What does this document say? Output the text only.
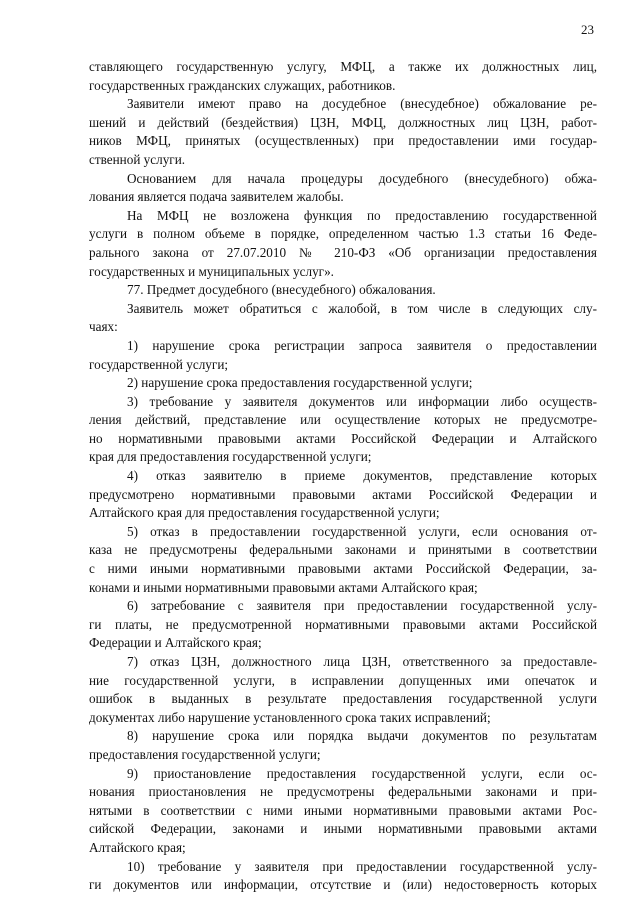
23

ставляющего государственную услугу, МФЦ, а также их должностных лиц,
государственных гражданских служащих, работников.

Заявители имеют право на досудебное (внесудебное) обжалование ре-
шений и действий (бездействия) ЦЗН, МФЦ, должностных лиц ЦЗН, работ-
ников МФЦ, принятых (осуществленных) при предоставлении ими государ-
ственной услуги.

Основанием для начала процедуры досудебного (внесудебного) обжа-
лования является подача заявителем жалобы.

На МФЦ не возложена функция по предоставлению государственной
услуги в полном объеме в порядке, определенном частью 1.3 статьи 16 Феде-
рального закона от 27.07.2010 № 210-ФЗ «Об организации предоставления
государственных и муниципальных услуг».

77. Предмет досудебного (внесудебного) обжалования.

Заявитель может обратиться с жалобой, в том числе в следующих слу-
чаях:

1) нарушение срока регистрации запроса заявителя о предоставлении
государственной услуги;

2) нарушение срока предоставления государственной услуги;

3) требование у заявителя документов или информации либо осуществ-
ления действий, представление или осуществление которых не предусмотре-
но нормативными правовыми актами Российской Федерации и Алтайского
края для предоставления государственной услуги;

4) отказ заявителю в приеме документов, представление которых
предусмотрено нормативными правовыми актами Российской Федерации и
Алтайского края для предоставления государственной услуги;

5) отказ в предоставлении государственной услуги, если основания от-
каза не предусмотрены федеральными законами и принятыми в соответствии
с ними иными нормативными правовыми актами Российской Федерации, за-
конами и иными нормативными правовыми актами Алтайского края;

6) затребование с заявителя при предоставлении государственной услу-
ги платы, не предусмотренной нормативными правовыми актами Российской
Федерации и Алтайского края;

7) отказ ЦЗН, должностного лица ЦЗН, ответственного за предоставле-
ние государственной услуги, в исправлении допущенных ими опечаток и
ошибок в выданных в результате предоставления государственной услуги
документах либо нарушение установленного срока таких исправлений;

8) нарушение срока или порядка выдачи документов по результатам
предоставления государственной услуги;

9) приостановление предоставления государственной услуги, если ос-
нования приостановления не предусмотрены федеральными законами и при-
нятыми в соответствии с ними иными нормативными правовыми актами Рос-
сийской Федерации, законами и иными нормативными правовыми актами
Алтайского края;

10) требование у заявителя при предоставлении государственной услу-
ги документов или информации, отсутствие и (или) недостоверность которых
